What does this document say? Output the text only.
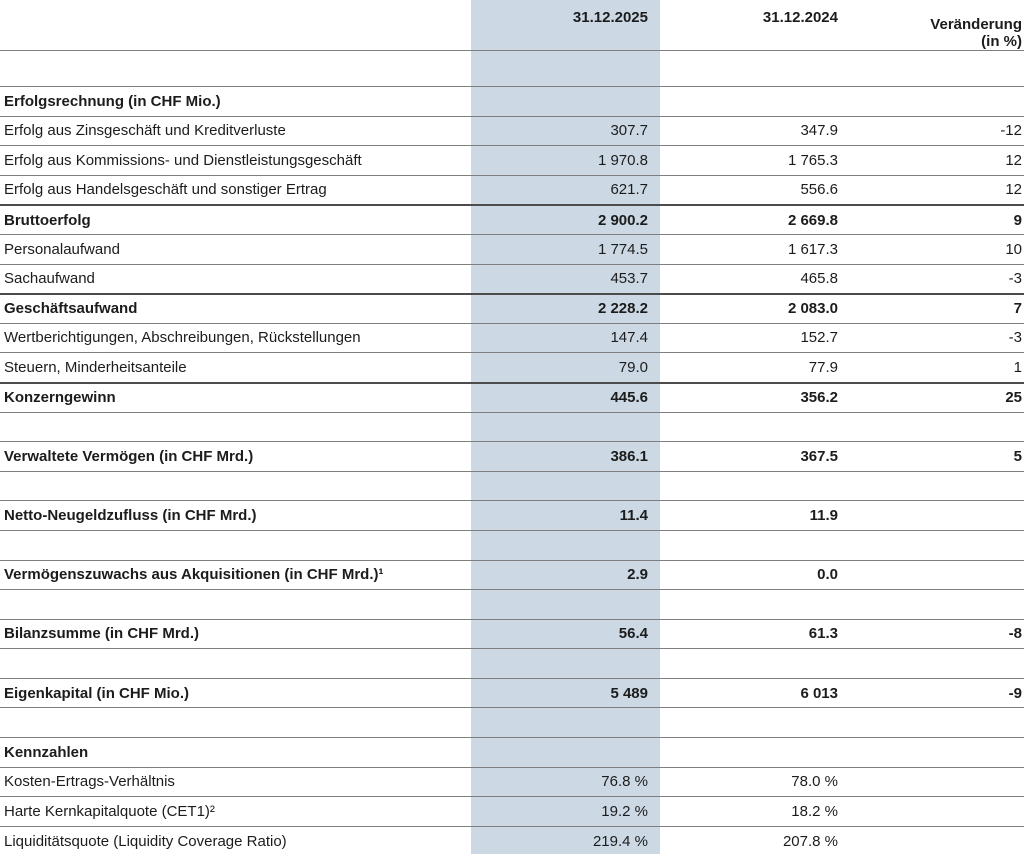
31.12.2025	31.12.2024	Veränderung
(in %)
Erfolgsrechnung (in CHF Mio.)
Erfolg aus Zinsgeschäft und Kreditverluste	307.7	347.9	-12
Erfolg aus Kommissions- und Dienstleistungsgeschäft	1 970.8	1 765.3	12
Erfolg aus Handelsgeschäft und sonstiger Ertrag	621.7	556.6	12
Bruttoerfolg	2 900.2	2 669.8	9
Personalaufwand	1 774.5	1 617.3	10
Sachaufwand	453.7	465.8	-3
Geschäftsaufwand	2 228.2	2 083.0	7
Wertberichtigungen, Abschreibungen, Rückstellungen	147.4	152.7	-3
Steuern, Minderheitsanteile	79.0	77.9	1
Konzerngewinn	445.6	356.2	25
Verwaltete Vermögen (in CHF Mrd.)	386.1	367.5	5
Netto-Neugeldzufluss (in CHF Mrd.)	11.4	11.9
Vermögenszuwachs aus Akquisitionen (in CHF Mrd.)¹	2.9	0.0
Bilanzsumme (in CHF Mrd.)	56.4	61.3	-8
Eigenkapital (in CHF Mio.)	5 489	6 013	-9
Kennzahlen
Kosten-Ertrags-Verhältnis	76.8 %	78.0 %
Harte Kernkapitalquote (CET1)²	19.2 %	18.2 %
Liquiditätsquote (Liquidity Coverage Ratio)	219.4 %	207.8 %
